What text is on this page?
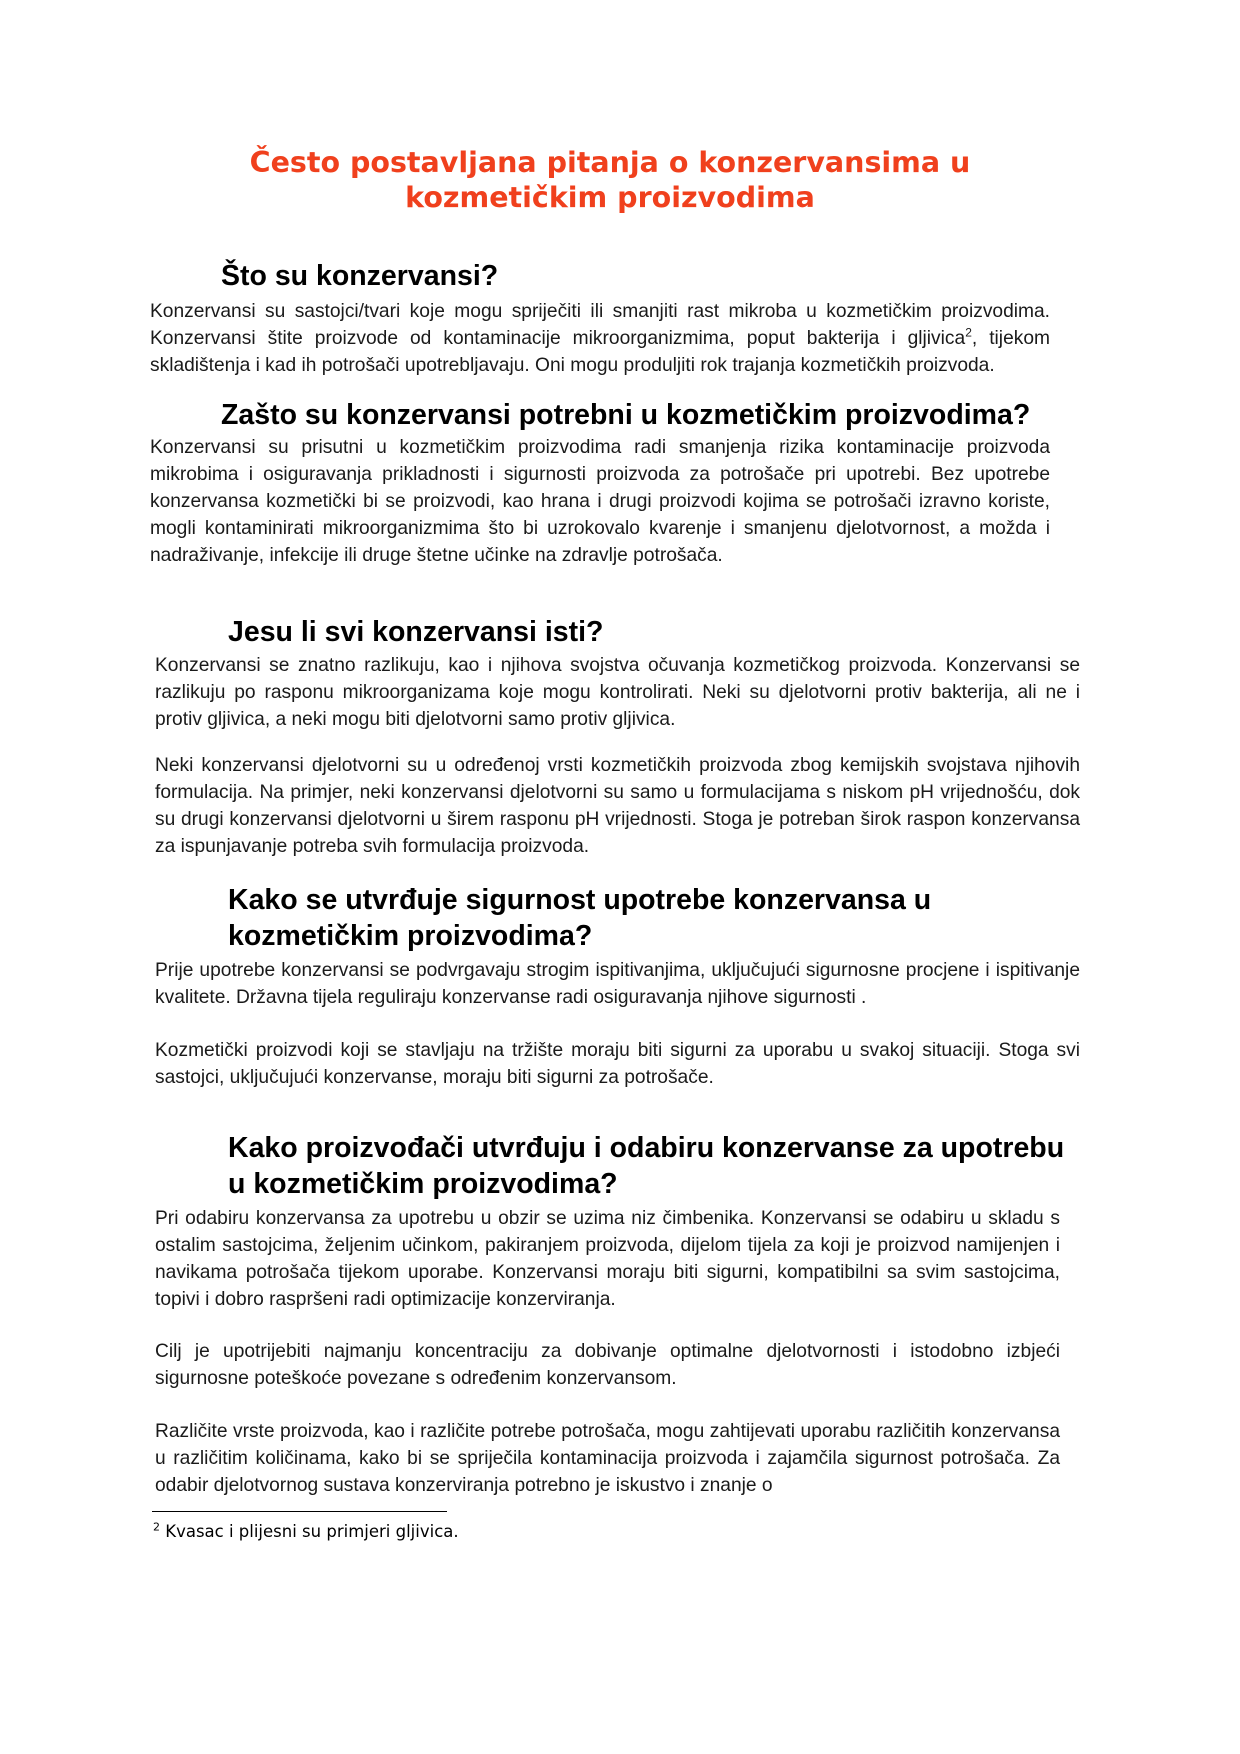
Često postavljana pitanja o konzervansima u kozmetičkim proizvodima
Što su konzervansi?

Konzervansi su sastojci/tvari koje mogu spriječiti ili smanjiti rast mikroba u kozmetičkim proizvodima. Konzervansi štite proizvode od kontaminacije mikroorganizmima, poput bakterija i gljivica$^2$, tijekom skladištenja i kad ih potrošači upotrebljavaju. Oni mogu produljiti rok trajanja kozmetičkih proizvoda.

Zašto su konzervansi potrebni u kozmetičkim proizvodima?

Konzervansi su prisutni u kozmetičkim proizvodima radi smanjenja rizika kontaminacije proizvoda mikrobima i osiguravanja prikladnosti i sigurnosti proizvoda za potrošače pri upotrebi. Bez upotrebe konzervansa kozmetički bi se proizvodi, kao hrana i drugi proizvodi kojima se potrošači izravno koriste, mogli kontaminirati mikroorganizmima što bi uzrokovalo kvarenje i smanjenu djelotvornost, a možda i nadraživanje, infekcije ili druge štetne učinke na zdravlje potrošača.

Jesu li svi konzervansi isti?

Konzervansi se znatno razlikuju, kao i njihova svojstva očuvanja kozmetičkog proizvoda. Konzervansi se razlikuju po rasponu mikroorganizama koje mogu kontrolirati. Neki su djelotvorni protiv bakterija, ali ne i protiv gljivica, a neki mogu biti djelotvorni samo protiv gljivica.

Neki konzervansi djelotvorni su u određenoj vrsti kozmetičkih proizvoda zbog kemijskih svojstava njihovih formulacija. Na primjer, neki konzervansi djelotvorni su samo u formulacijama s niskom pH vrijednošću, dok su drugi konzervansi djelotvorni u širem rasponu pH vrijednosti. Stoga je potreban širok raspon konzervansa za ispunjavanje potreba svih formulacija proizvoda.

Kako se utvrđuje sigurnost upotrebe konzervansa u kozmetičkim proizvodima?

Prije upotrebe konzervansi se podvrgavaju strogim ispitivanjima, uključujući sigurnosne procjene i ispitivanje kvalitete. Državna tijela reguliraju konzervanse radi osiguravanja njihove sigurnosti .

Kozmetički proizvodi koji se stavljaju na tržište moraju biti sigurni za uporabu u svakoj situaciji. Stoga svi sastojci, uključujući konzervanse, moraju biti sigurni za potrošače.

Kako proizvođači utvrđuju i odabiru konzervanse za upotrebu u kozmetičkim proizvodima?

Pri odabiru konzervansa za upotrebu u obzir se uzima niz čimbenika. Konzervansi se odabiru u skladu s ostalim sastojcima, željenim učinkom, pakiranjem proizvoda, dijelom tijela za koji je proizvod namijenjen i navikama potrošača tijekom uporabe. Konzervansi moraju biti sigurni, kompatibilni sa svim sastojcima, topivi i dobro raspršeni radi optimizacije konzerviranja.

Cilj je upotrijebiti najmanju koncentraciju za dobivanje optimalne djelotvornosti i istodobno izbjeći sigurnosne poteškoće povezane s određenim konzervansom.

Različite vrste proizvoda, kao i različite potrebe potrošača, mogu zahtijevati uporabu različitih konzervansa u različitim količinama, kako bi se spriječila kontaminacija proizvoda i zajamčila sigurnost potrošača. Za odabir djelotvornog sustava konzerviranja potrebno je iskustvo i znanje o

$^2$ Kvasac i plijesni su primjeri gljivica.
